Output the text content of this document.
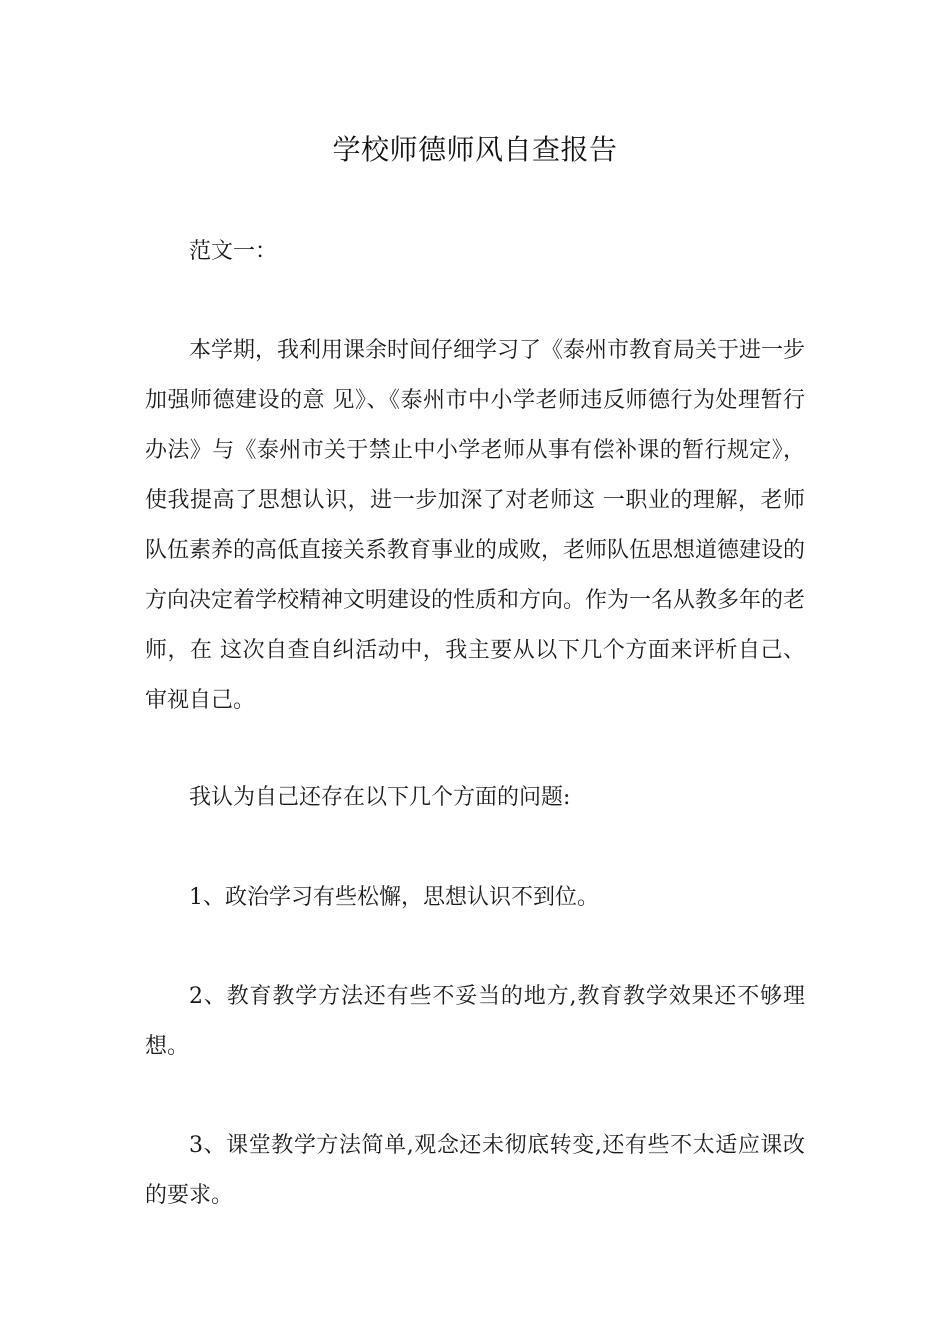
学校师德师风自查报告

范文一：

本学期，我利用课余时间仔细学习了《泰州市教育局关于进一步加强师德建设的意 见》、《泰州市中小学老师违反师德行为处理暂行办法》与《泰州市关于禁止中小学老师从事有偿补课的暂行规定》，使我提高了思想认识，进一步加深了对老师这 一职业的理解，老师队伍素养的高低直接关系教育事业的成败，老师队伍思想道德建设的方向决定着学校精神文明建设的性质和方向。作为一名从教多年的老师，在 这次自查自纠活动中，我主要从以下几个方面来评析自己、审视自己。

我认为自己还存在以下几个方面的问题:

1、政治学习有些松懈，思想认识不到位。

2、教育教学方法还有些不妥当的地方,教育教学效果还不够理想。

3、课堂教学方法简单,观念还未彻底转变,还有些不太适应课改的要求。
